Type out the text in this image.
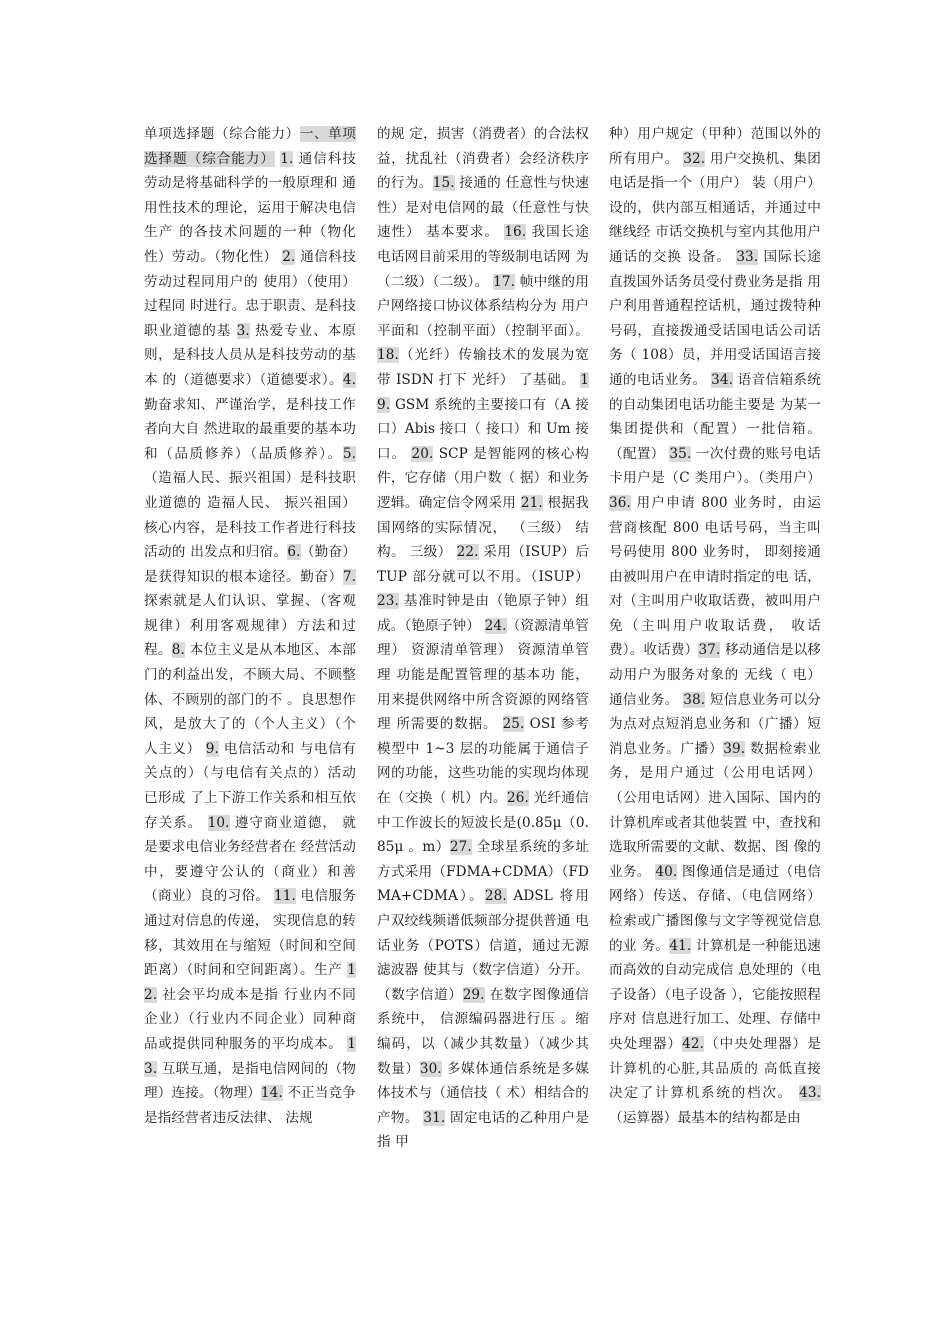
单项选择题（综合能力）一、单项选择题（综合能力） 1. 通信科技劳动是将基础科学的一般原理和 通用性技术的理论，运用于解决电信生产 的各技术问题的一种（物化性）劳动。（物化性） 2. 通信科技劳动过程同用户的 使用）（使用）过程同 时进行。忠于职责、是科技职业道德的基 3. 热爱专业、本原则，是科技人员从是科技劳动的基本 的（道德要求）（道德要求）。4. 勤奋求知、严谨治学，是科技工作者向大自 然进取的最重要的基本功和（品质修养）（品质修养）。5.（造福人民、振兴祖国）是科技职业道德的 造福人民、 振兴祖国）核心内容，是科技工作者进行科技活动的 出发点和归宿。6.（勤奋）是获得知识的根本途径。勤奋）7. 探索就是人们认识、掌握、（客观规律）利用客观规律）方法和过程。8. 本位主义是从本地区、本部门的利益出发，不顾大局、不顾整体、不顾别的部门的不 。良思想作风，是放大了的（个人主义）（个人主义） 9. 电信活动和 与电信有关点的）（与电信有关点的）活动已形成 了上下游工作关系和相互依存关系。 10. 遵守商业道德， 就是要求电信业务经营者在 经营活动中，要遵守公认的（商业）和善（商业）良的习俗。 11. 电信服务通过对信息的传递， 实现信息的转 移，其效用在与缩短（时间和空间距离）（时间和空间距离）。生产 12. 社会平均成本是指 行业内不同企业）（行业内不同企业）同种商品或提供同种服务的平均成本。 13. 互联互通，是指电信网间的（物理）连接。（物理）14. 不正当竞争是指经营者违反法律、 法规
的规 定，损害（消费者）的合法权益，扰乱社（消费者）会经济秩序的行为。15. 接通的 任意性与快速性）是对电信网的最（任意性与快速性） 基本要求。 16. 我国长途电话网目前采用的等级制电话网 为（二级）（二级）。 17. 帧中继的用户网络接口协议体系结构分为 用户平面和（控制平面）（控制平面）。18.（光纤）传输技术的发展为宽带 ISDN 打下 光纤） 了基础。 19. GSM 系统的主要接口有（A 接口）Abis 接口（ 接口）和 Um 接口。 20. SCP 是智能网的核心构件，它存储（用户数（ 据）和业务逻辑。确定信令网采用 21. 根据我国网络的实际情况， （三级） 结构。 三级） 22. 采用（ISUP）后 TUP 部分就可以不用。（ISUP） 23. 基准时钟是由（铯原子钟）组成。（铯原子钟） 24.（资源清单管理） 资源清单管理） 资源清单管理 功能是配置管理的基本功 能，用来提供网络中所含资源的网络管理 所需要的数据。 25. OSI 参考模型中 1~3 层的功能属于通信子网的功能，这些功能的实现均体现在（交换（ 机）内。26. 光纤通信中工作波长的短波长是(0.85μ（0.85μ 。m）27. 全球星系统的多址方式采用（FDMA+CDMA）（FDMA+CDMA）。28. ADSL 将用户双绞线频谱低频部分提供普通 电话业务（POTS）信道，通过无源滤波器 使其与（数字信道）分开。（数字信道）29. 在数字图像通信系统中， 信源编码器进行压 。缩编码，以（减少其数量）（减少其数量）30. 多媒体通信系统是多媒体技术与（通信技（ 术）相结合的产物。 31. 固定电话的乙种用户是指 甲
种）用户规定（甲种）范围以外的所有用户。 32. 用户交换机、集团电话是指一个（用户） 装（用户）设的，供内部互相通话，并通过中继线经 市话交换机与室内其他用户通话的交换 设备。 33. 国际长途直拨国外话务员受付费业务是指 用户利用普通程控话机，通过拨特种号码，直接拨通受话国电话公司话务（ 108）员，并用受话国语言接通的电话业务。 34. 语音信箱系统的自动集团电话功能主要是 为某一集团提供和（配置）一批信箱。（配置） 35. 一次付费的账号电话卡用户是（C 类用户）。（类用户） 36. 用户申请 800 业务时，由运营商核配 800 电话号码，当主叫号码使用 800 业务时， 即刻接通由被叫用户在申请时指定的电 话，对（主叫用户收取话费，被叫用户免（主叫用户收取话费， 收话费）。收话费）37. 移动通信是以移动用户为服务对象的 无线（ 电）通信业务。 38. 短信息业务可以分为点对点短消息业务和（广播）短消息业务。广播）39. 数据检索业务，是用户通过（公用电话网）（公用电话网）进入国际、国内的计算机库或者其他装置 中，查找和选取所需要的文献、数据、图 像的业务。 40. 图像通信是通过（电信网络）传送、存储、（电信网络） 检索或广播图像与文字等视觉信息的业 务。41. 计算机是一种能迅速而高效的自动完成信 息处理的（电子设备）（电子设备 ），它能按照程序对 信息进行加工、处理、存储中央处理器）42.（中央处理器）是计算机的心脏,其品质的 高低直接决定了计算机系统的档次。 43.（运算器）最基本的结构都是由
